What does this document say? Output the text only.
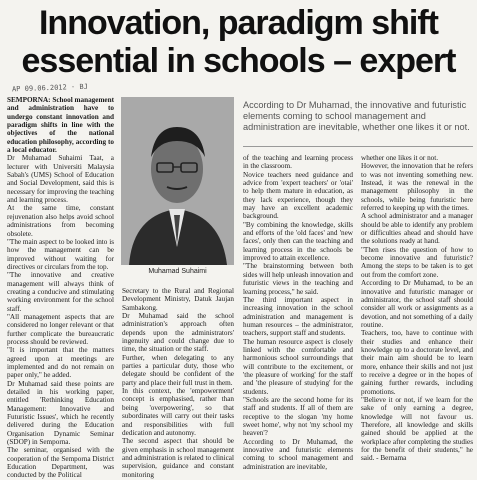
Innovation, paradigm shift
essential in schools – expert
AP 09.06.2012 · BJ

SEMPORNA: School management and administration have to undergo constant innovation and paradigm shifts in line with the objectives of the national education philosophy, according to a local educator.

Dr Muhamad Suhaimi Taat, a lecturer with Universiti Malaysia Sabah's (UMS) School of Education and Social Development, said this is necessary for improving the teaching and learning process.

At the same time, constant rejuvenation also helps avoid school administrations from becoming obsolete.

"The main aspect to be looked into is how the management can be improved without waiting for directives or circulars from the top.

"The innovative and creative management will always think of creating a conducive and stimulating working environment for the school staff.

"All management aspects that are considered no longer relevant or that further complicate the bureaucratic process should be reviewed.

"It is important that the matters agreed upon at meetings are implemented and do not remain on paper only," he added.

Dr Muhamad said these points are detailed in his working paper, entitled 'Rethinking Education Management: Innovative and Futuristic Issues', which he recently delivered during the Education Organisation Dynamic Seminar (SDOP) in Semporna.

The seminar, organised with the cooperation of the Semporna District Education Department, was conducted by the Political

Muhamad Suhaimi

Secretary to the Rural and Regional Development Ministry, Datuk Jaujan Sambakong.

Dr Muhamad said the school administration's approach often depends upon the administrators' ingenuity and could change due to time, the situation or the staff.

Further, when delegating to any parties a particular duty, those who delegate should be confident of the party and place their full trust in them.

In this context, the 'empowerment' concept is emphasised, rather than being 'overpowering', so that subordinates will carry out their tasks and responsibilities with full dedication and autonomy.

The second aspect that should be given emphasis in school management and administration is related to clinical supervision, guidance and constant monitoring

According to Dr Muhamad, the innovative and futuristic elements coming to school management and administration are inevitable, whether one likes it or not.

of the teaching and learning process in the classroom.

Novice teachers need guidance and advice from 'expert teachers' or 'otai' to help them mature in education, as they lack experience, though they may have an excellent academic background.

"By combining the knowledge, skills and efforts of the 'old faces' and 'new faces', only then can the teaching and learning process in the schools be improved to attain excellence.

"The brainstorming between both sides will help unleash innovation and futuristic views in the teaching and learning process," he said.

The third important aspect in increasing innovation in the school administration and management is human resources – the administrator, teachers, support staff and students.

The human resource aspect is closely linked with the comfortable and harmonious school surroundings that will contribute to the excitement, or 'the pleasure of working' for the staff and 'the pleasure of studying' for the students.

"Schools are the second home for its staff and students. If all of them are receptive to the slogan 'my home sweet home', why not 'my school my heaven'?

According to Dr Muhamad, the innovative and futuristic elements coming to school management and administration are inevitable,

whether one likes it or not.

However, the innovation that he refers to was not inventing something new. Instead, it was the renewal in the management philosophy in the schools, while being futuristic here referred to keeping up with the times.

A school administrator and a manager should be able to identify any problem or difficulties ahead and should have the solutions ready at hand.

"Then rises the question of how to become innovative and futuristic? Among the steps to be taken is to get out from the comfort zone.

According to Dr Muhamad, to be an innovative and futuristic manager or administrator, the school staff should consider all work or assignments as a devotion, and not something of a daily routine.

Teachers, too, have to continue with their studies and enhance their knowledge up to a doctorate level, and their main aim should be to learn more, enhance their skills and not just to receive a degree or in the hopes of gaining further rewards, including promotions.

"Believe it or not, if we learn for the sake of only earning a degree, knowledge will not favour us. Therefore, all knowledge and skills gained should be applied at the workplace after completing the studies for the benefit of their students," he said. - Bernama
